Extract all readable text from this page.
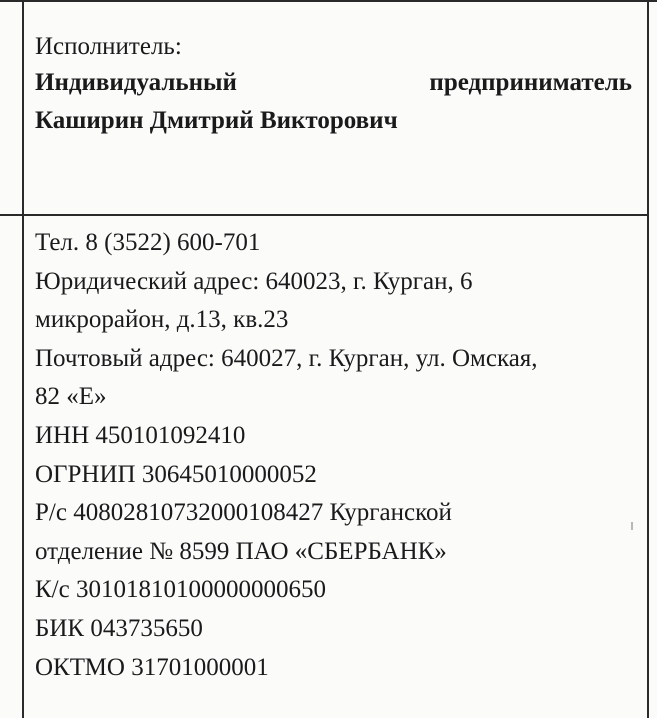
Исполнитель:
Индивидуальный	предприниматель
Каширин Дмитрий Викторович
Тел. 8 (3522) 600-701
Юридический адрес: 640023, г. Курган, 6
микрорайон, д.13, кв.23
Почтовый адрес: 640027, г. Курган, ул. Омская,
82 «Е»
ИНН 450101092410
ОГРНИП 30645010000052
Р/с 40802810732000108427 Курганской
отделение № 8599 ПАО «СБЕРБАНК»
К/с 30101810100000000650
БИК 043735650
ОКТМО 31701000001
